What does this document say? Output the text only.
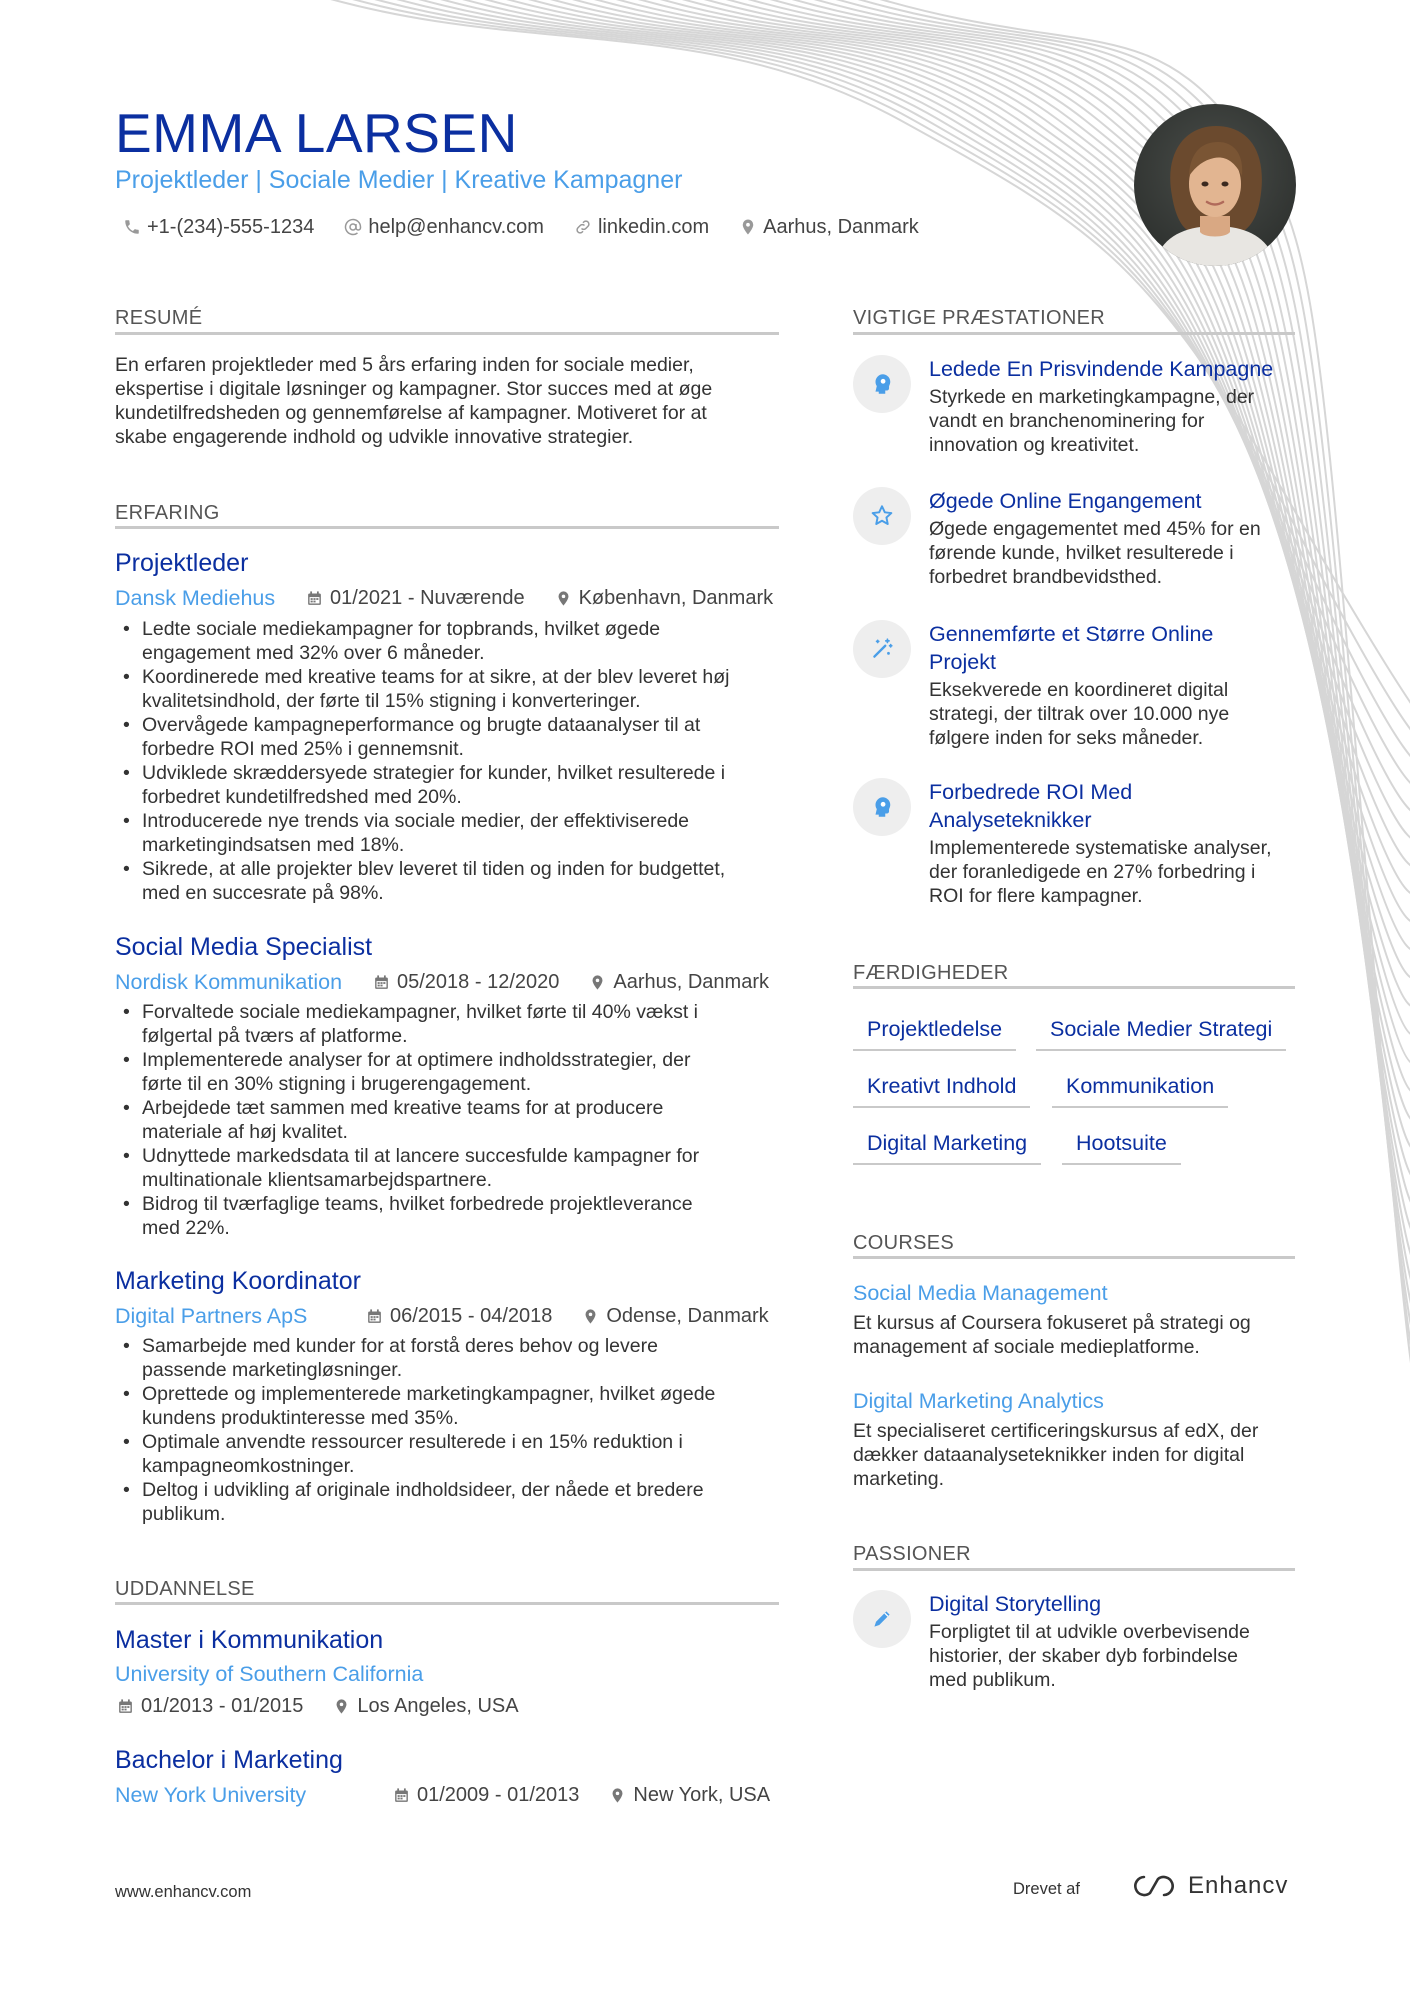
EMMA LARSEN
Projektleder | Sociale Medier | Kreative Kampagner
+1-(234)-555-1234	help@enhancv.com	linkedin.com	Aarhus, Danmark
RESUMÉ
En erfaren projektleder med 5 års erfaring inden for sociale medier,
ekspertise i digitale løsninger og kampagner. Stor succes med at øge
kundetilfredsheden og gennemførelse af kampagner. Motiveret for at
skabe engagerende indhold og udvikle innovative strategier.
ERFARING
Projektleder
Dansk Mediehus	01/2021 - Nuværende	København, Danmark
• Ledte sociale mediekampagner for topbrands, hvilket øgede
engagement med 32% over 6 måneder.
• Koordinerede med kreative teams for at sikre, at der blev leveret høj
kvalitetsindhold, der førte til 15% stigning i konverteringer.
• Overvågede kampagneperformance og brugte dataanalyser til at
forbedre ROI med 25% i gennemsnit.
• Udviklede skræddersyede strategier for kunder, hvilket resulterede i
forbedret kundetilfredshed med 20%.
• Introducerede nye trends via sociale medier, der effektiviserede
marketingindsatsen med 18%.
• Sikrede, at alle projekter blev leveret til tiden og inden for budgettet,
med en succesrate på 98%.
Social Media Specialist
Nordisk Kommunikation	05/2018 - 12/2020	Aarhus, Danmark
• Forvaltede sociale mediekampagner, hvilket førte til 40% vækst i
følgertal på tværs af platforme.
• Implementerede analyser for at optimere indholdsstrategier, der
førte til en 30% stigning i brugerengagement.
• Arbejdede tæt sammen med kreative teams for at producere
materiale af høj kvalitet.
• Udnyttede markedsdata til at lancere succesfulde kampagner for
multinationale klientsamarbejdspartnere.
• Bidrog til tværfaglige teams, hvilket forbedrede projektleverance
med 22%.
Marketing Koordinator
Digital Partners ApS	06/2015 - 04/2018	Odense, Danmark
• Samarbejde med kunder for at forstå deres behov og levere
passende marketingløsninger.
• Oprettede og implementerede marketingkampagner, hvilket øgede
kundens produktinteresse med 35%.
• Optimale anvendte ressourcer resulterede i en 15% reduktion i
kampagneomkostninger.
• Deltog i udvikling af originale indholdsideer, der nåede et bredere
publikum.
UDDANNELSE
Master i Kommunikation
University of Southern California
01/2013 - 01/2015	Los Angeles, USA
Bachelor i Marketing
New York University	01/2009 - 01/2013	New York, USA
VIGTIGE PRÆSTATIONER
Ledede En Prisvindende Kampagne
Styrkede en marketingkampagne, der
vandt en branchenominering for
innovation og kreativitet.
Øgede Online Engangement
Øgede engagementet med 45% for en
førende kunde, hvilket resulterede i
forbedret brandbevidsthed.
Gennemførte et Større Online
Projekt
Eksekverede en koordineret digital
strategi, der tiltrak over 10.000 nye
følgere inden for seks måneder.
Forbedrede ROI Med
Analyseteknikker
Implementerede systematiske analyser,
der foranledigede en 27% forbedring i
ROI for flere kampagner.
FÆRDIGHEDER
Projektledelse	Sociale Medier Strategi
Kreativt Indhold	Kommunikation
Digital Marketing	Hootsuite
COURSES
Social Media Management
Et kursus af Coursera fokuseret på strategi og
management af sociale medieplatforme.
Digital Marketing Analytics
Et specialiseret certificeringskursus af edX, der
dækker dataanalyseteknikker inden for digital
marketing.
PASSIONER
Digital Storytelling
Forpligtet til at udvikle overbevisende
historier, der skaber dyb forbindelse
med publikum.
www.enhancv.com	Drevet af	Enhancv
